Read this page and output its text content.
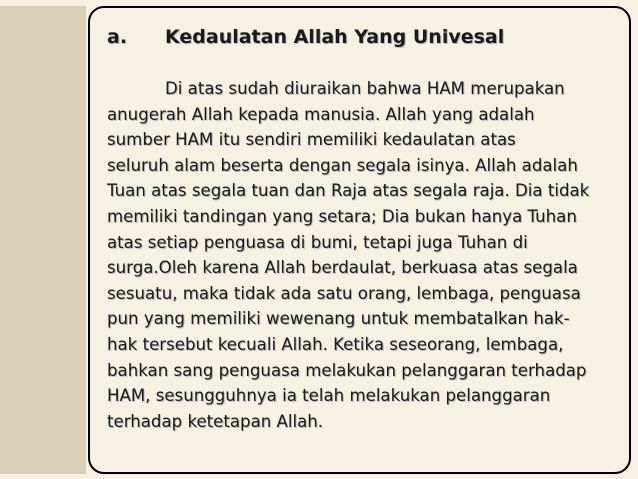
a.	Kedaulatan Allah Yang Univesal
Di atas sudah diuraikan bahwa HAM merupakan
anugerah Allah kepada manusia. Allah yang adalah
sumber HAM itu sendiri memiliki kedaulatan atas
seluruh alam beserta dengan segala isinya. Allah adalah
Tuan atas segala tuan dan Raja atas segala raja. Dia tidak
memiliki tandingan yang setara; Dia bukan hanya Tuhan
atas setiap penguasa di bumi, tetapi juga Tuhan di
surga.Oleh karena Allah berdaulat, berkuasa atas segala
sesuatu, maka tidak ada satu orang, lembaga, penguasa
pun yang memiliki wewenang untuk membatalkan hak-
hak tersebut kecuali Allah. Ketika seseorang, lembaga,
bahkan sang penguasa melakukan pelanggaran terhadap
HAM, sesungguhnya ia telah melakukan pelanggaran
terhadap ketetapan Allah.
